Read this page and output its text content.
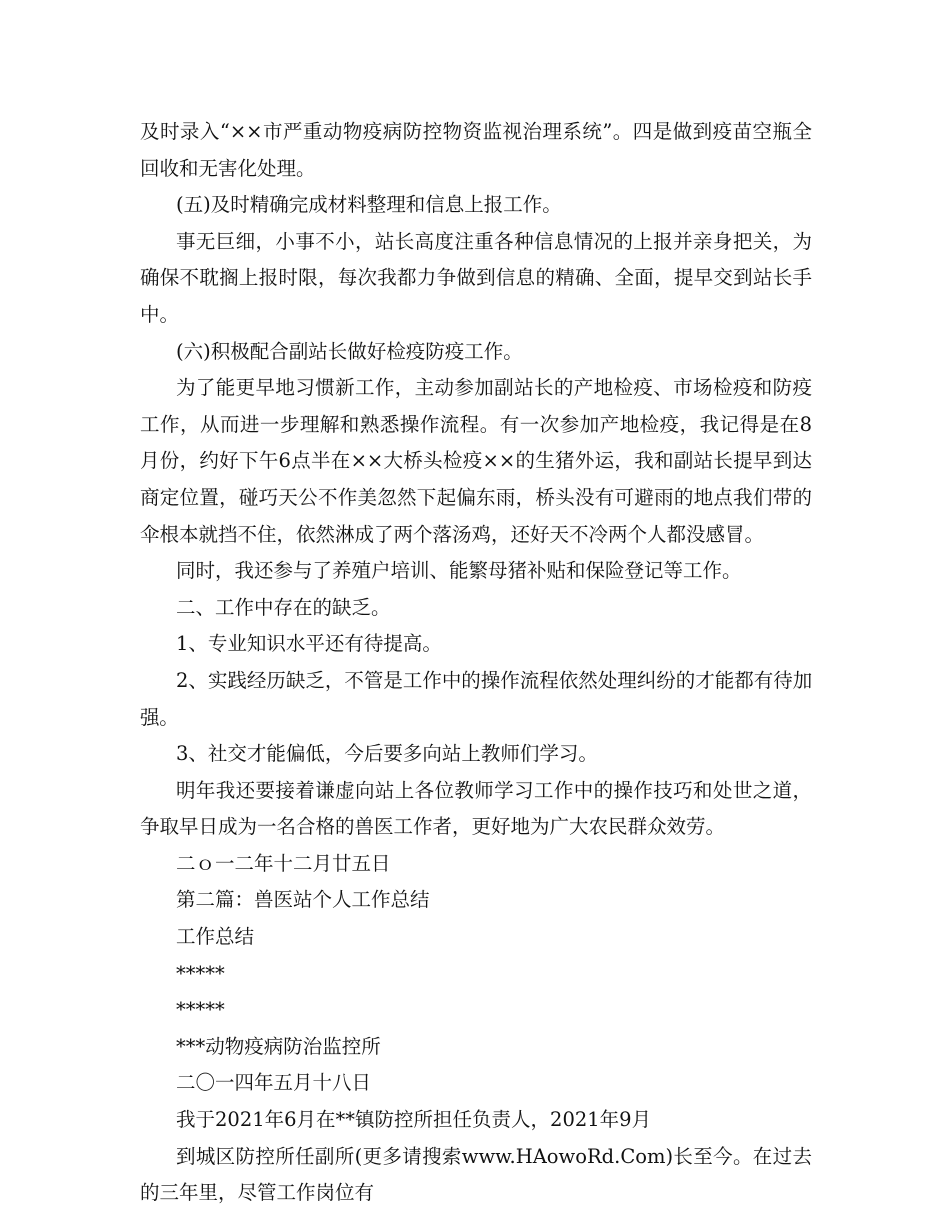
及时录入“××市严重动物疫病防控物资监视治理系统”。四是做到疫苗空瓶全回收和无害化处理。

(五)及时精确完成材料整理和信息上报工作。

事无巨细，小事不小，站长高度注重各种信息情况的上报并亲身把关，为确保不耽搁上报时限，每次我都力争做到信息的精确、全面，提早交到站长手中。

(六)积极配合副站长做好检疫防疫工作。

为了能更早地习惯新工作，主动参加副站长的产地检疫、市场检疫和防疫工作，从而进一步理解和熟悉操作流程。有一次参加产地检疫，我记得是在8月份，约好下午6点半在××大桥头检疫××的生猪外运，我和副站长提早到达商定位置，碰巧天公不作美忽然下起偏东雨，桥头没有可避雨的地点我们带的伞根本就挡不住，依然淋成了两个落汤鸡，还好天不冷两个人都没感冒。

同时，我还参与了养殖户培训、能繁母猪补贴和保险登记等工作。

二、工作中存在的缺乏。

1、专业知识水平还有待提高。

2、实践经历缺乏，不管是工作中的操作流程依然处理纠纷的才能都有待加强。

3、社交才能偏低，今后要多向站上教师们学习。

明年我还要接着谦虚向站上各位教师学习工作中的操作技巧和处世之道，争取早日成为一名合格的兽医工作者，更好地为广大农民群众效劳。

二ｏ一二年十二月廿五日

第二篇：兽医站个人工作总结

工作总结

*****

*****

***动物疫病防治监控所

二〇一四年五月十八日

我于2021年6月在**镇防控所担任负责人，2021年9月

到城区防控所任副所(更多请搜索www.HAowoRd.Com)长至今。在过去的三年里，尽管工作岗位有
